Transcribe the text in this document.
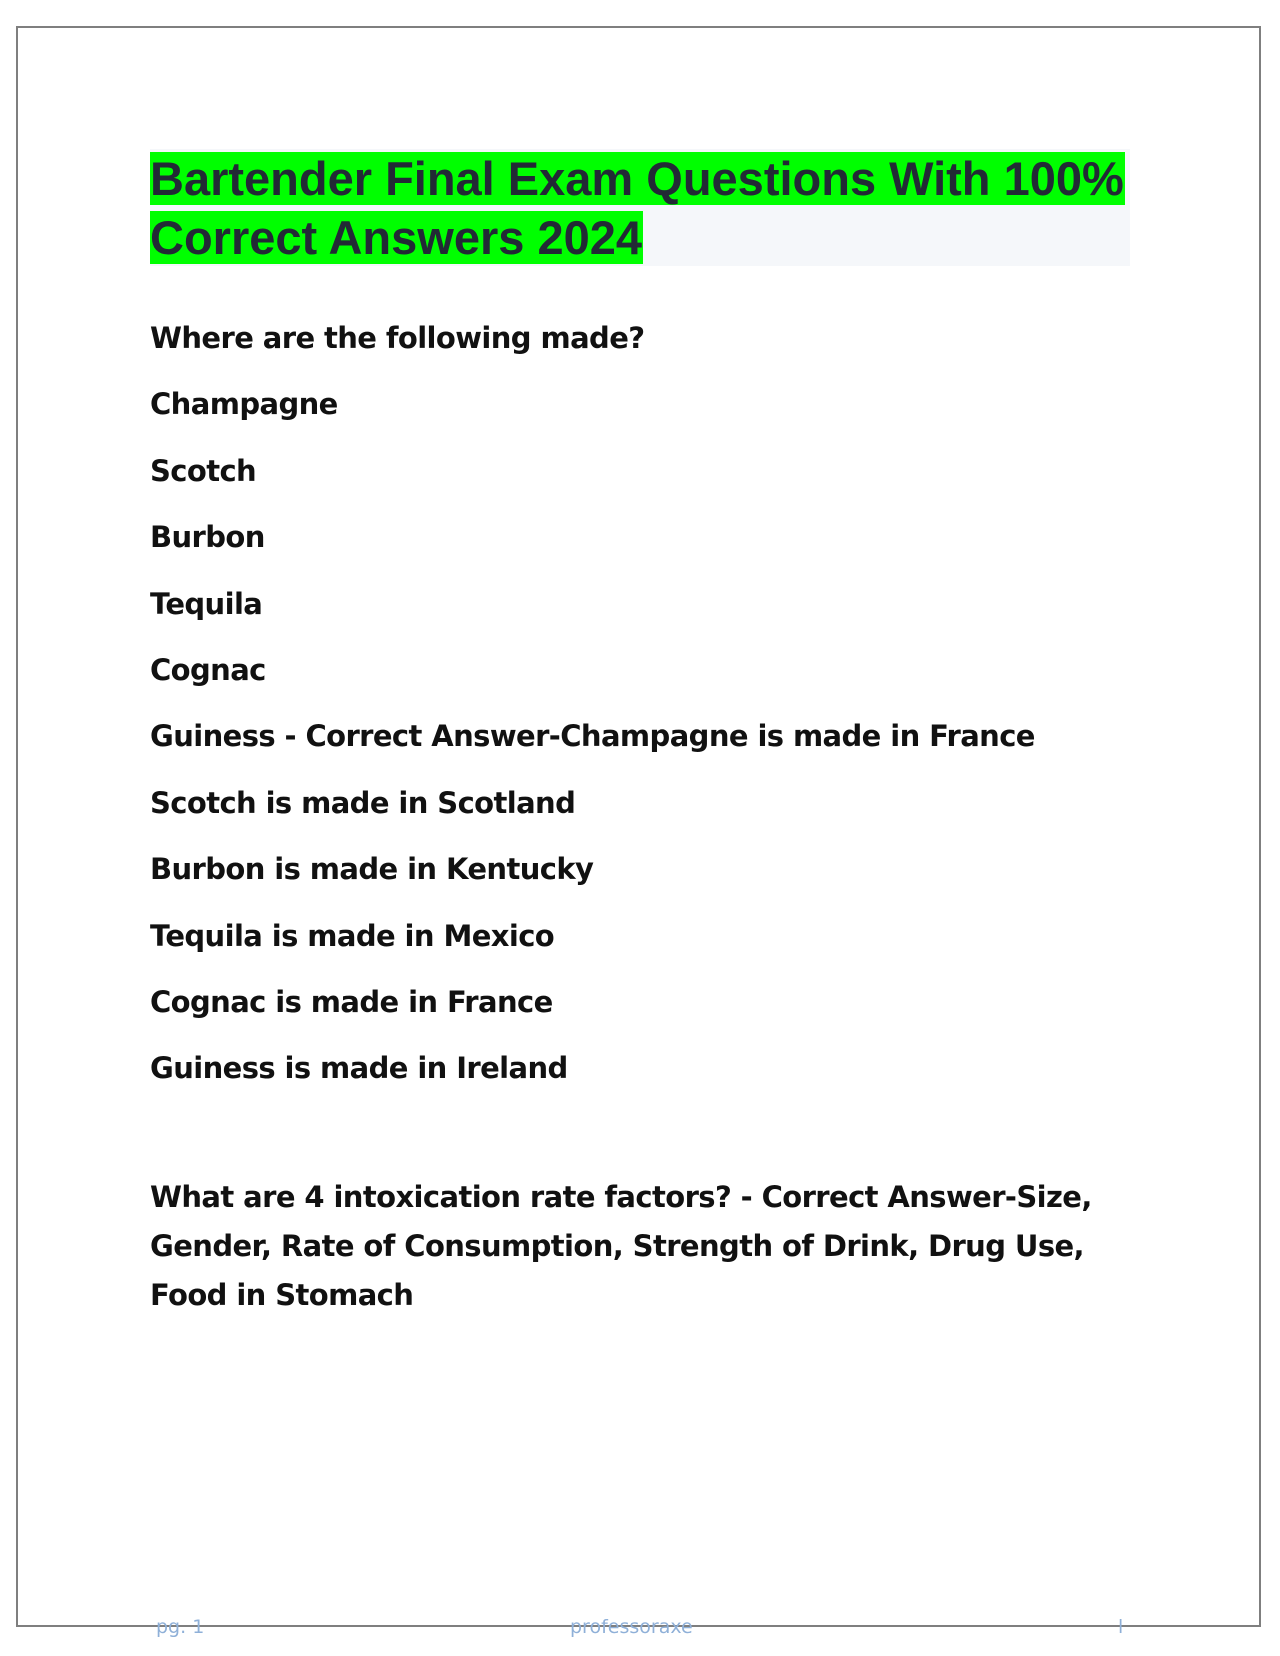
Bartender Final Exam Questions With 100% Correct Answers 2024
Where are the following made?
Champagne
Scotch
Burbon
Tequila
Cognac
Guiness - Correct Answer-Champagne is made in France
Scotch is made in Scotland
Burbon is made in Kentucky
Tequila is made in Mexico
Cognac is made in France
Guiness is made in Ireland
What are 4 intoxication rate factors? - Correct Answer-Size, Gender, Rate of Consumption, Strength of Drink, Drug Use, Food in Stomach
pg. 1	professoraxe	l
